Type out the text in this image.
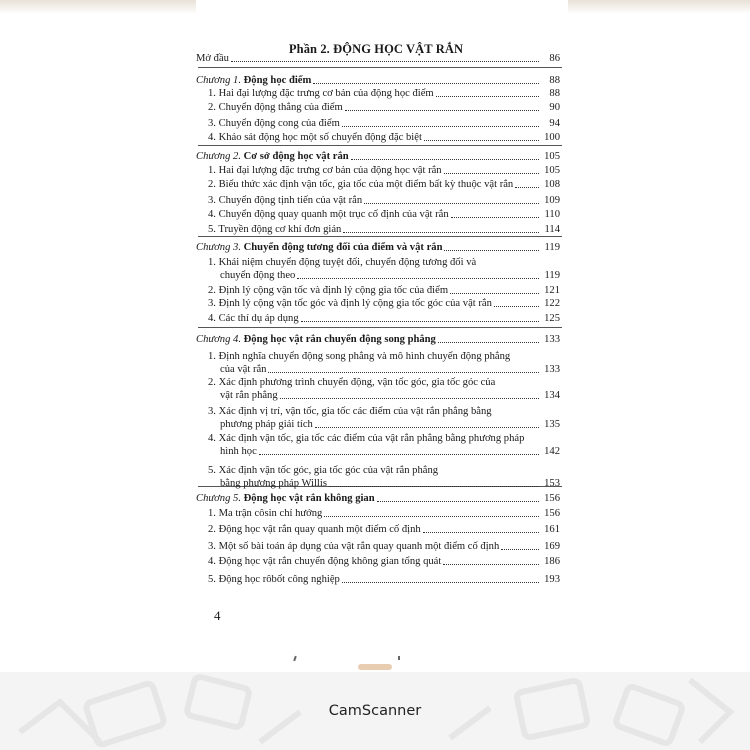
Phần 2. ĐỘNG HỌC VẬT RẮN
Mở đầu	86
Chương 1. Động học điểm	88
1. Hai đại lượng đặc trưng cơ bản của động học điểm	88
2. Chuyển động thẳng của điểm	90
3. Chuyển động cong của điểm	94
4. Khảo sát động học một số chuyển động đặc biệt	100
Chương 2. Cơ sở động học vật rắn	105
1. Hai đại lượng đặc trưng cơ bản của động học vật rắn	105
2. Biểu thức xác định vận tốc, gia tốc của một điểm bất kỳ thuộc vật rắn	108
3. Chuyển động tịnh tiến của vật rắn	109
4. Chuyển động quay quanh một trục cố định của vật rắn	110
5. Truyền động cơ khí đơn giản	114
Chương 3. Chuyển động tương đối của điểm và vật rắn	119
1. Khái niệm chuyển động tuyệt đối, chuyển động tương đối và
chuyển động theo	119
2. Định lý cộng vận tốc và định lý cộng gia tốc của điểm	121
3. Định lý cộng vận tốc góc và định lý cộng gia tốc góc của vật rắn	122
4. Các thí dụ áp dụng	125
Chương 4. Động học vật rắn chuyển động song phẳng	133
1. Định nghĩa chuyển động song phẳng và mô hình chuyển động phẳng
của vật rắn	133
2. Xác định phương trình chuyển động, vận tốc góc, gia tốc góc của
vật rắn phẳng	134
3. Xác định vị trí, vận tốc, gia tốc các điểm của vật rắn phẳng bằng
phương pháp giải tích	135
4. Xác định vận tốc, gia tốc các điểm của vật rắn phẳng bằng phương pháp
hình học	142
5. Xác định vận tốc góc, gia tốc góc của vật rắn phẳng
bằng phương pháp Willis	153
Chương 5. Động học vật rắn không gian	156
1. Ma trận côsin chỉ hướng	156
2. Động học vật rắn quay quanh một điểm cố định	161
3. Một số bài toán áp dụng của vật rắn quay quanh một điểm cố định	169
4. Động học vật rắn chuyển động không gian tổng quát	186
5. Động học rôbốt công nghiệp	193
4
CamScanner
